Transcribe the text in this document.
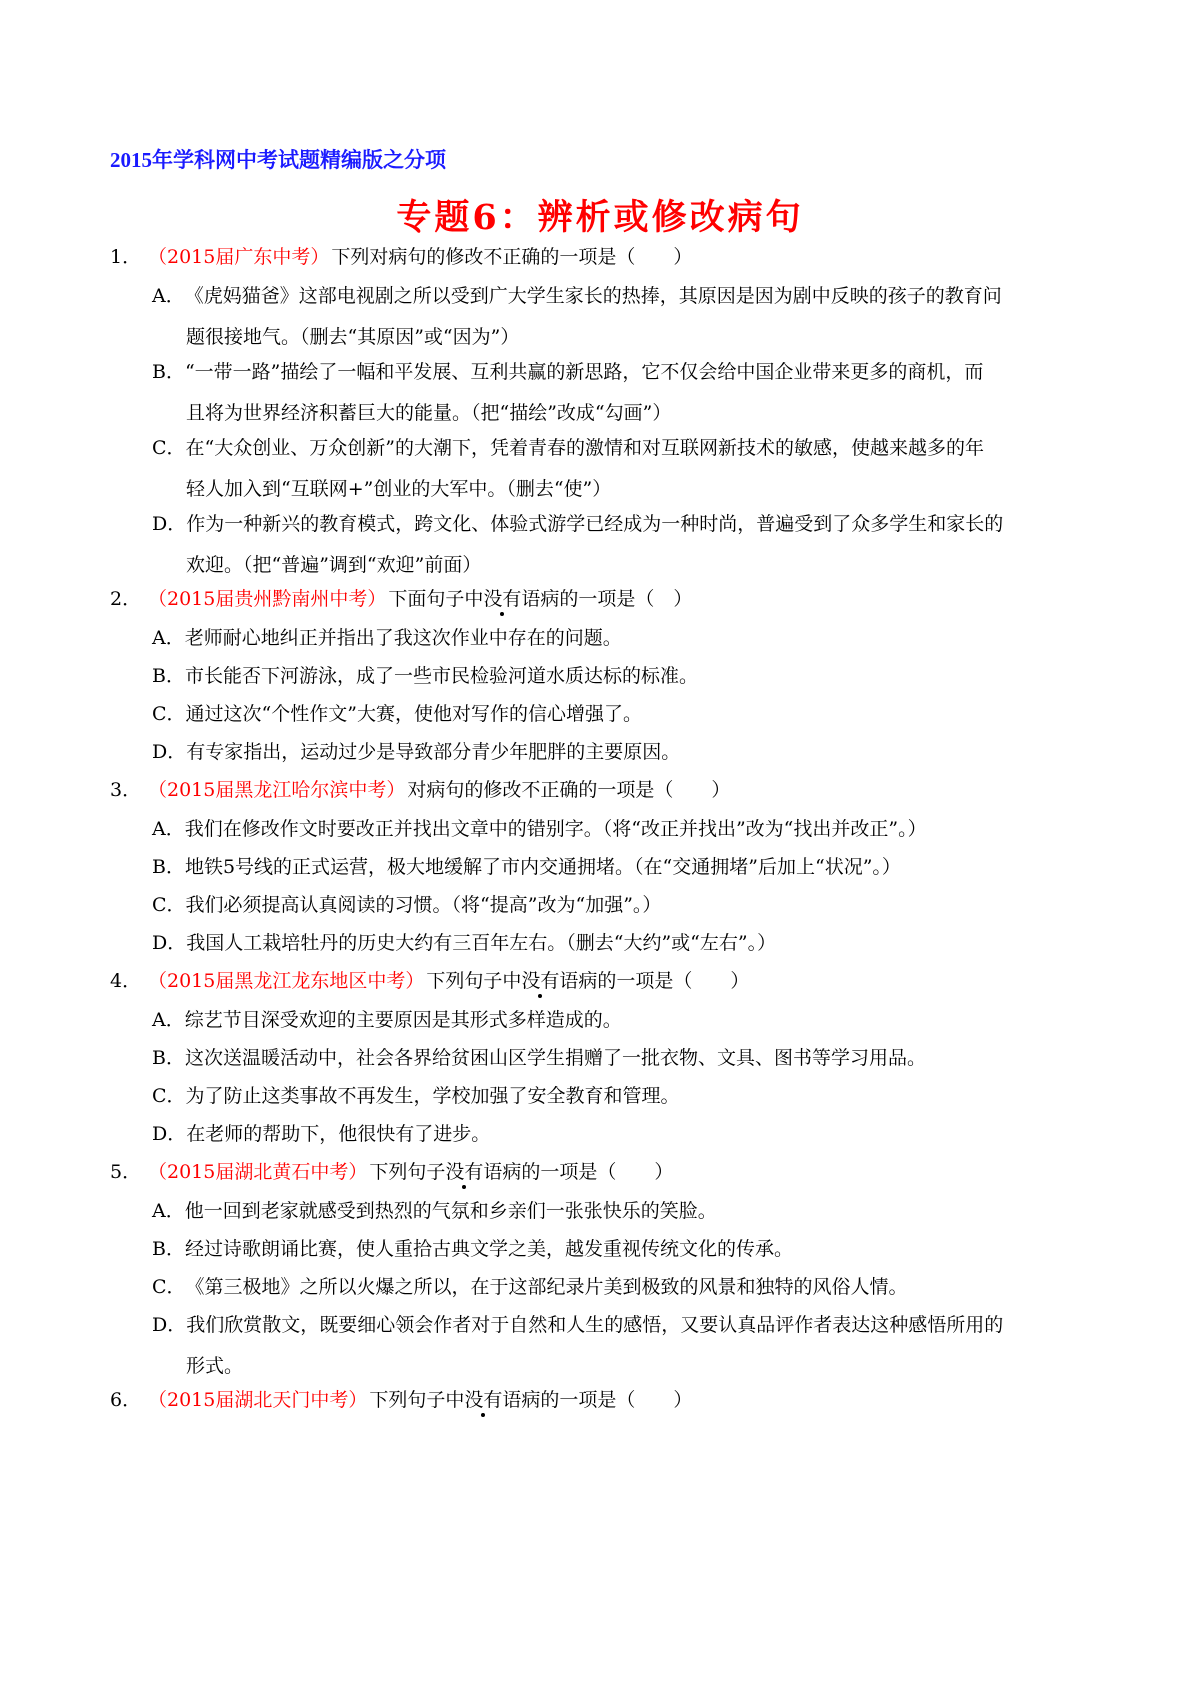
2015年学科网中考试题精编版之分项
专题6：辨析或修改病句
1． （2015届广东中考） 下列对病句的修改不正确的一项是（　　）
A．《虎妈猫爸》这部电视剧之所以受到广大学生家长的热捧，其原因是因为剧中反映的孩子的教育问
题很接地气。（删去“其原因”或“因为”）
B．“一带一路”描绘了一幅和平发展、互利共赢的新思路，它不仅会给中国企业带来更多的商机，而
且将为世界经济积蓄巨大的能量。（把“描绘”改成“勾画”）
C．在“大众创业、万众创新”的大潮下，凭着青春的激情和对互联网新技术的敏感，使越来越多的年
轻人加入到“互联网+”创业的大军中。（删去“使”）
D．作为一种新兴的教育模式，跨文化、体验式游学已经成为一种时尚，普遍受到了众多学生和家长的
欢迎。（把“普遍”调到“欢迎”前面）
2． （2015届贵州黔南州中考） 下面句子中没有语病的一项是（　）
A．老师耐心地纠正并指出了我这次作业中存在的问题。
B．市长能否下河游泳，成了一些市民检验河道水质达标的标准。
C．通过这次“个性作文”大赛，使他对写作的信心增强了。
D．有专家指出，运动过少是导致部分青少年肥胖的主要原因。
3． （2015届黑龙江哈尔滨中考） 对病句的修改不正确的一项是（　　）
A．我们在修改作文时要改正并找出文章中的错别字。（将“改正并找出”改为“找出并改正”。）
B．地铁5号线的正式运营，极大地缓解了市内交通拥堵。（在“交通拥堵”后加上“状况”。）
C．我们必须提高认真阅读的习惯。（将“提高”改为“加强”。）
D．我国人工栽培牡丹的历史大约有三百年左右。（删去“大约”或“左右”。）
4． （2015届黑龙江龙东地区中考） 下列句子中没有语病的一项是（　　）
A．综艺节目深受欢迎的主要原因是其形式多样造成的。
B．这次送温暖活动中，社会各界给贫困山区学生捐赠了一批衣物、文具、图书等学习用品。
C．为了防止这类事故不再发生，学校加强了安全教育和管理。
D．在老师的帮助下，他很快有了进步。
5． （2015届湖北黄石中考） 下列句子没有语病的一项是（　　）
A．他一回到老家就感受到热烈的气氛和乡亲们一张张快乐的笑脸。
B．经过诗歌朗诵比赛，使人重拾古典文学之美，越发重视传统文化的传承。
C．《第三极地》之所以火爆之所以，在于这部纪录片美到极致的风景和独特的风俗人情。
D．我们欣赏散文，既要细心领会作者对于自然和人生的感悟，又要认真品评作者表达这种感悟所用的
形式。
6． （2015届湖北天门中考） 下列句子中没有语病的一项是（　　）
